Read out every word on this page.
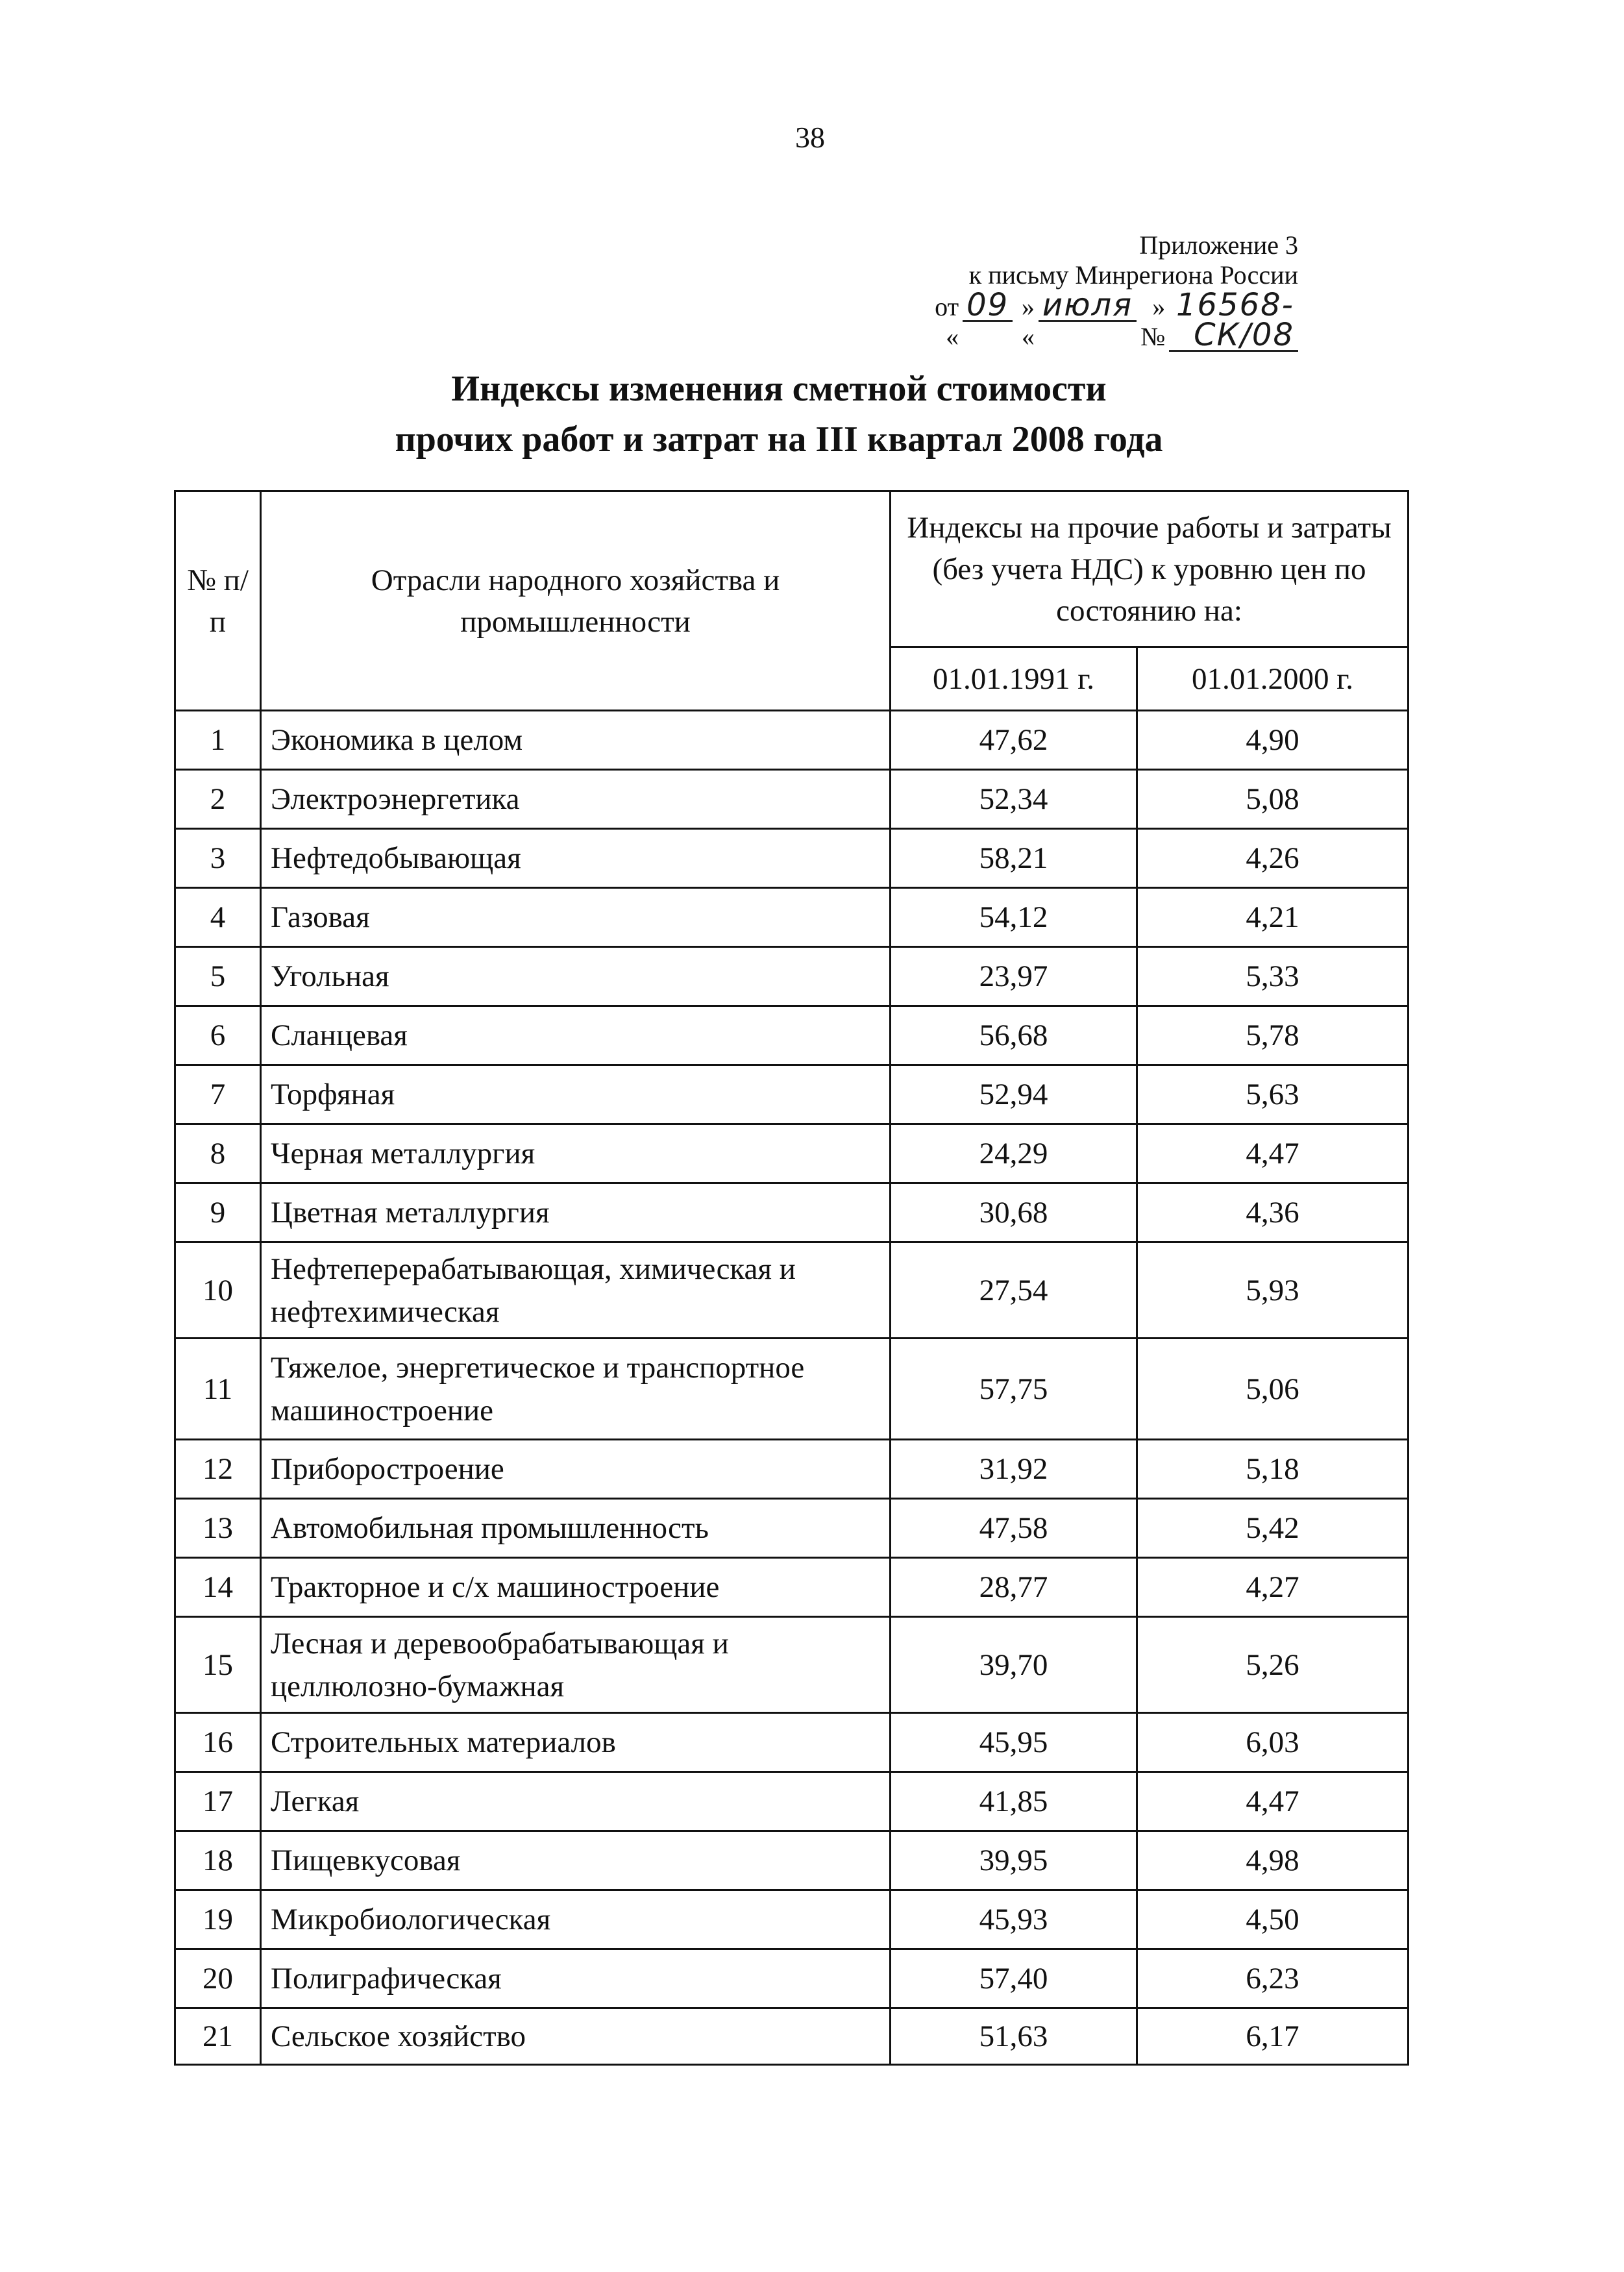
38
Приложение 3
к письму Минрегиона России
от «
09 » «
июля » №
16568-СК/08
Индексы изменения сметной стоимости
прочих работ и затрат на III квартал 2008 года
№ п/п	Отрасли народного хозяйства и промышленности	Индексы на прочие работы и затраты (без учета НДС) к уровню цен по состоянию на:	
		01.01.1991 г.	01.01.2000 г.
1	Экономика в целом	47,62	4,90
2	Электроэнергетика	52,34	5,08
3	Нефтедобывающая	58,21	4,26
4	Газовая	54,12	4,21
5	Угольная	23,97	5,33
6	Сланцевая	56,68	5,78
7	Торфяная	52,94	5,63
8	Черная металлургия	24,29	4,47
9	Цветная металлургия	30,68	4,36
10	Нефтеперерабатывающая, химическая и нефтехимическая	27,54	5,93
11	Тяжелое, энергетическое и транспортное машиностроение	57,75	5,06
12	Приборостроение	31,92	5,18
13	Автомобильная промышленность	47,58	5,42
14	Тракторное и с/х машиностроение	28,77	4,27
15	Лесная и деревообрабатывающая и целлюлозно-бумажная	39,70	5,26
16	Строительных материалов	45,95	6,03
17	Легкая	41,85	4,47
18	Пищевкусовая	39,95	4,98
19	Микробиологическая	45,93	4,50
20	Полиграфическая	57,40	6,23
21	Сельское хозяйство	51,63	6,17
